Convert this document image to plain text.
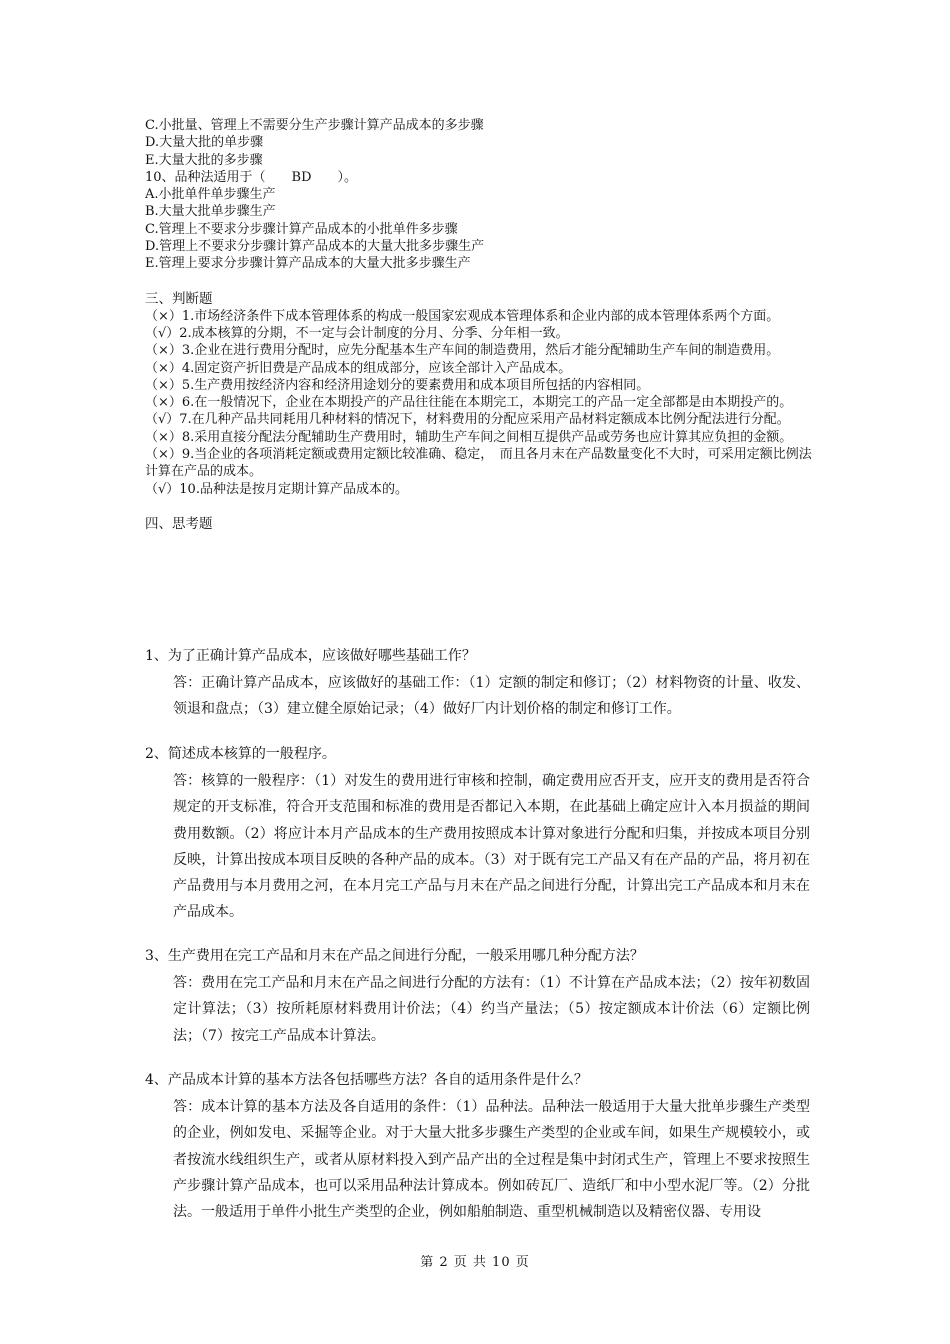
C.小批量、管理上不需要分生产步骤计算产品成本的多步骤

D.大量大批的单步骤

E.大量大批的多步骤

10、品种法适用于（　　BD　　）。

A.小批单件单步骤生产

B.大量大批单步骤生产

C.管理上不要求分步骤计算产品成本的小批单件多步骤

D.管理上不要求分步骤计算产品成本的大量大批多步骤生产

E.管理上要求分步骤计算产品成本的大量大批多步骤生产

三、判断题

（×）1.市场经济条件下成本管理体系的构成一般国家宏观成本管理体系和企业内部的成本管理体系两个方面。

（√）2.成本核算的分期，不一定与会计制度的分月、分季、分年相一致。

（×）3.企业在进行费用分配时，应先分配基本生产车间的制造费用，然后才能分配辅助生产车间的制造费用。

（×）4.固定资产折旧费是产品成本的组成部分，应该全部计入产品成本。

（×）5.生产费用按经济内容和经济用途划分的要素费用和成本项目所包括的内容相同。

（×）6.在一般情况下，企业在本期投产的产品往往能在本期完工，本期完工的产品一定全部都是由本期投产的。

（√）7.在几种产品共同耗用几种材料的情况下，材料费用的分配应采用产品材料定额成本比例分配法进行分配。

（×）8.采用直接分配法分配辅助生产费用时，辅助生产车间之间相互提供产品或劳务也应计算其应负担的金额。

（×）9.当企业的各项消耗定额或费用定额比较准确、稳定，　而且各月末在产品数量变化不大时，可采用定额比例法计算在产品的成本。

（√）10.品种法是按月定期计算产品成本的。

四、思考题

1、为了正确计算产品成本，应该做好哪些基础工作？

答：正确计算产品成本，应该做好的基础工作：（1）定额的制定和修订；（2）材料物资的计量、收发、领退和盘点；（3）建立健全原始记录；（4）做好厂内计划价格的制定和修订工作。

2、简述成本核算的一般程序。

答：核算的一般程序：（1）对发生的费用进行审核和控制，确定费用应否开支，应开支的费用是否符合规定的开支标准，符合开支范围和标准的费用是否都记入本期，在此基础上确定应计入本月损益的期间费用数额。（2）将应计本月产品成本的生产费用按照成本计算对象进行分配和归集，并按成本项目分别反映，计算出按成本项目反映的各种产品的成本。（3）对于既有完工产品又有在产品的产品，将月初在产品费用与本月费用之河，在本月完工产品与月末在产品之间进行分配，计算出完工产品成本和月末在产品成本。

3、生产费用在完工产品和月末在产品之间进行分配，一般采用哪几种分配方法？

答：费用在完工产品和月末在产品之间进行分配的方法有：（1）不计算在产品成本法；（2）按年初数固定计算法；（3）按所耗原材料费用计价法；（4）约当产量法；（5）按定额成本计价法（6）定额比例法；（7）按完工产品成本计算法。

4、产品成本计算的基本方法各包括哪些方法？各自的适用条件是什么？

答：成本计算的基本方法及各自适用的条件：（1）品种法。品种法一般适用于大量大批单步骤生产类型的企业，例如发电、采掘等企业。对于大量大批多步骤生产类型的企业或车间，如果生产规模较小，或者按流水线组织生产，或者从原材料投入到产品产出的全过程是集中封闭式生产，管理上不要求按照生产步骤计算产品成本，也可以采用品种法计算成本。例如砖瓦厂、造纸厂和中小型水泥厂等。（2）分批法。一般适用于单件小批生产类型的企业，例如船舶制造、重型机械制造以及精密仪器、专用设

第 2 页 共 10 页
